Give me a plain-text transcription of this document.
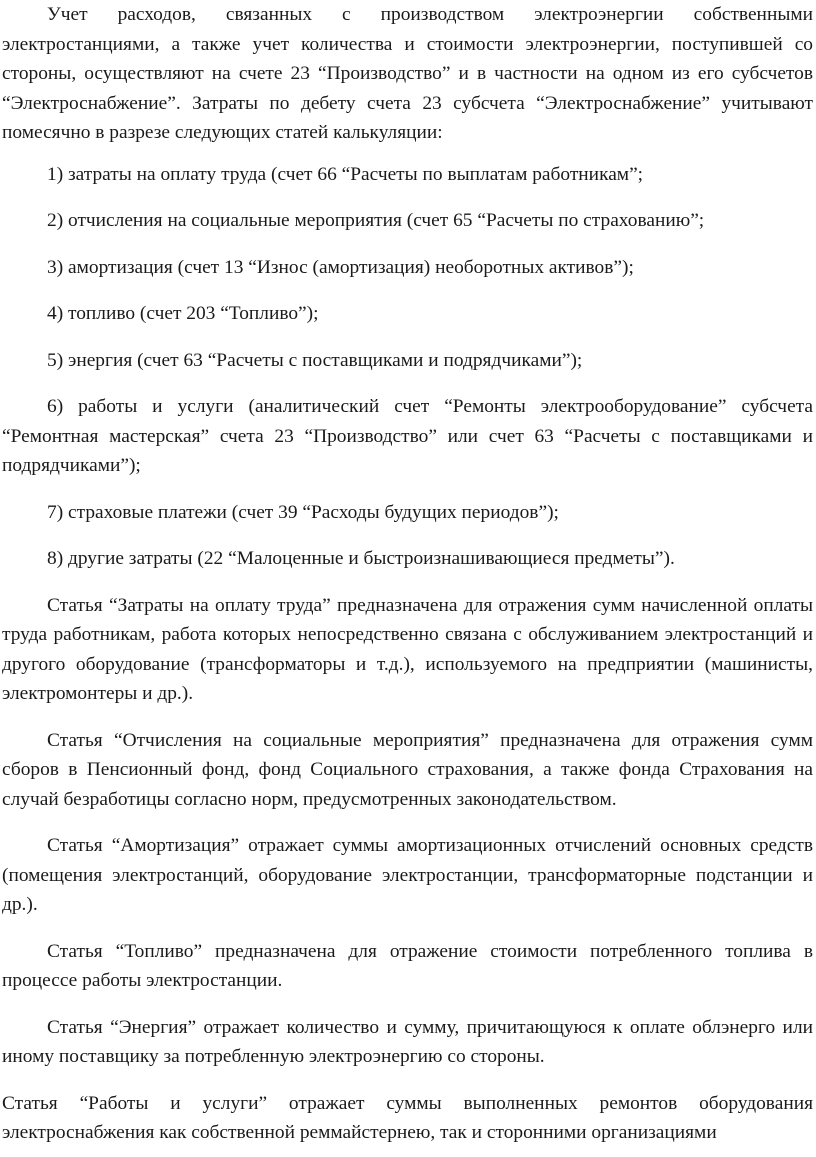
Учет расходов, связанных с производством электроэнергии собственными электростанциями, а также учет количества и стоимости электроэнергии, поступившей со стороны, осуществляют на счете 23 “Производство” и в частности на одном из его субсчетов “Электроснабжение”. Затраты по дебету счета 23 субсчета “Электроснабжение” учитывают помесячно в разрезе следующих статей калькуляции:

1) затраты на оплату труда (счет 66 “Расчеты по выплатам работникам”;

2) отчисления на социальные мероприятия (счет 65 “Расчеты по страхованию”;

3) амортизация (счет 13 “Износ (амортизация) необоротных активов”);

4) топливо (счет 203 “Топливо”);

5) энергия (счет 63 “Расчеты с поставщиками и подрядчиками”);

6) работы и услуги (аналитический счет “Ремонты электрооборудование” субсчета “Ремонтная мастерская” счета 23 “Производство” или счет 63 “Расчеты с поставщиками и подрядчиками”);

7) страховые платежи (счет 39 “Расходы будущих периодов”);

8) другие затраты (22 “Малоценные и быстроизнашивающиеся предметы”).

Статья “Затраты на оплату труда” предназначена для отражения сумм начисленной оплаты труда работникам, работа которых непосредственно связана с обслуживанием электростанций и другого оборудование (трансформаторы и т.д.), используемого на предприятии (машинисты, электромонтеры и др.).

Статья “Отчисления на социальные мероприятия” предназначена для отражения сумм сборов в Пенсионный фонд, фонд Социального страхования, а также фонда Страхования на случай безработицы согласно норм, предусмотренных законодательством.

Статья “Амортизация” отражает суммы амортизационных отчислений основных средств (помещения электростанций, оборудование электростанции, трансформаторные подстанции и др.).

Статья “Топливо” предназначена для отражение стоимости потребленного топлива в процессе работы электростанции.

Статья “Энергия” отражает количество и сумму, причитающуюся к оплате облэнерго или иному поставщику за потребленную электроэнергию со стороны.

Статья “Работы и услуги” отражает суммы выполненных ремонтов оборудования электроснабжения как собственной реммайстернею, так и сторонними организациями
